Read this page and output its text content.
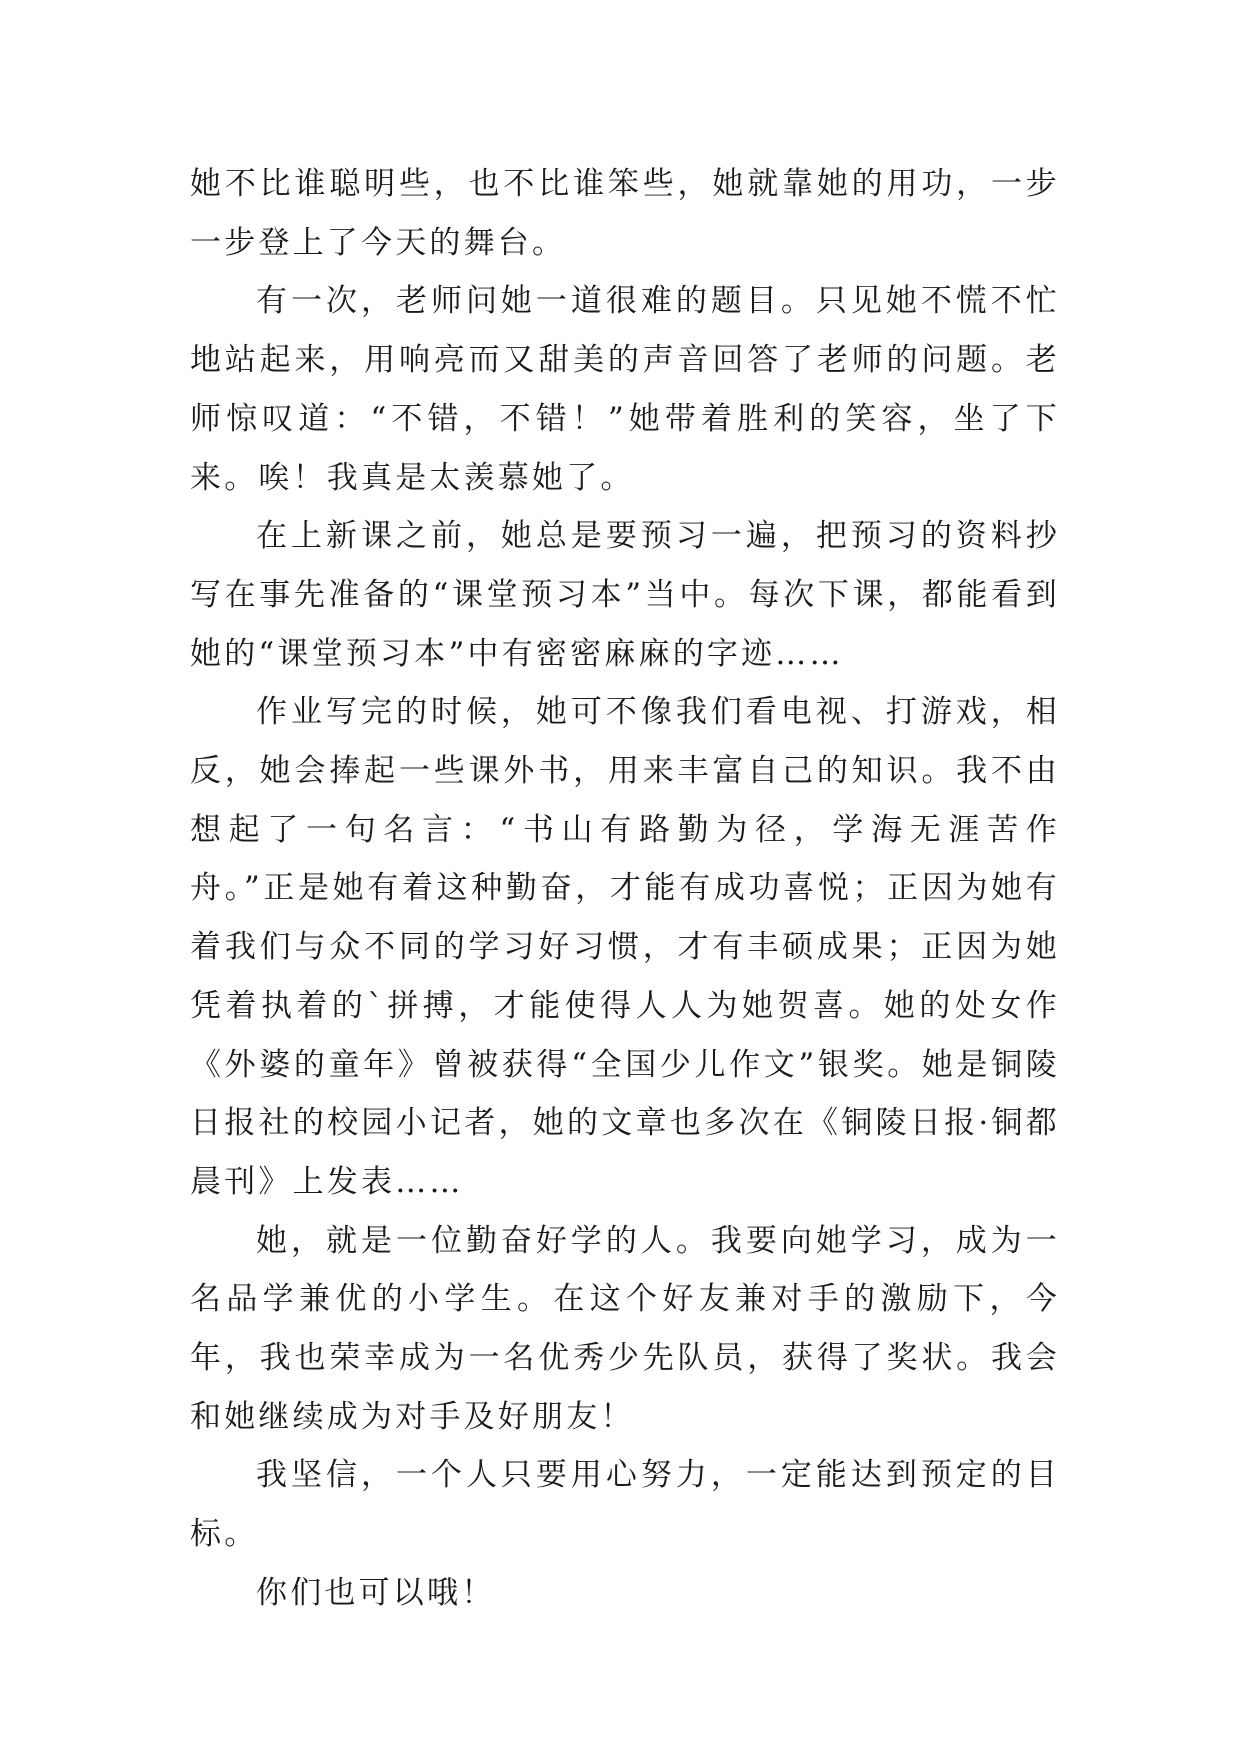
她不比谁聪明些，也不比谁笨些，她就靠她的用功，一步一步登上了今天的舞台。

有一次，老师问她一道很难的题目。只见她不慌不忙地站起来，用响亮而又甜美的声音回答了老师的问题。老师惊叹道：“不错，不错！”她带着胜利的笑容，坐了下来。唉！我真是太羡慕她了。

在上新课之前，她总是要预习一遍，把预习的资料抄写在事先准备的“课堂预习本”当中。每次下课，都能看到她的“课堂预习本”中有密密麻麻的字迹……

作业写完的时候，她可不像我们看电视、打游戏，相反，她会捧起一些课外书，用来丰富自己的知识。我不由想起了一句名言：“书山有路勤为径，学海无涯苦作舟。”正是她有着这种勤奋，才能有成功喜悦；正因为她有着我们与众不同的学习好习惯，才有丰硕成果；正因为她凭着执着的`拼搏，才能使得人人为她贺喜。她的处女作《外婆的童年》曾被获得“全国少儿作文”银奖。她是铜陵日报社的校园小记者，她的文章也多次在《铜陵日报·铜都晨刊》上发表……

她，就是一位勤奋好学的人。我要向她学习，成为一名品学兼优的小学生。在这个好友兼对手的激励下，今年，我也荣幸成为一名优秀少先队员，获得了奖状。我会和她继续成为对手及好朋友！

我坚信，一个人只要用心努力，一定能达到预定的目标。

你们也可以哦！
